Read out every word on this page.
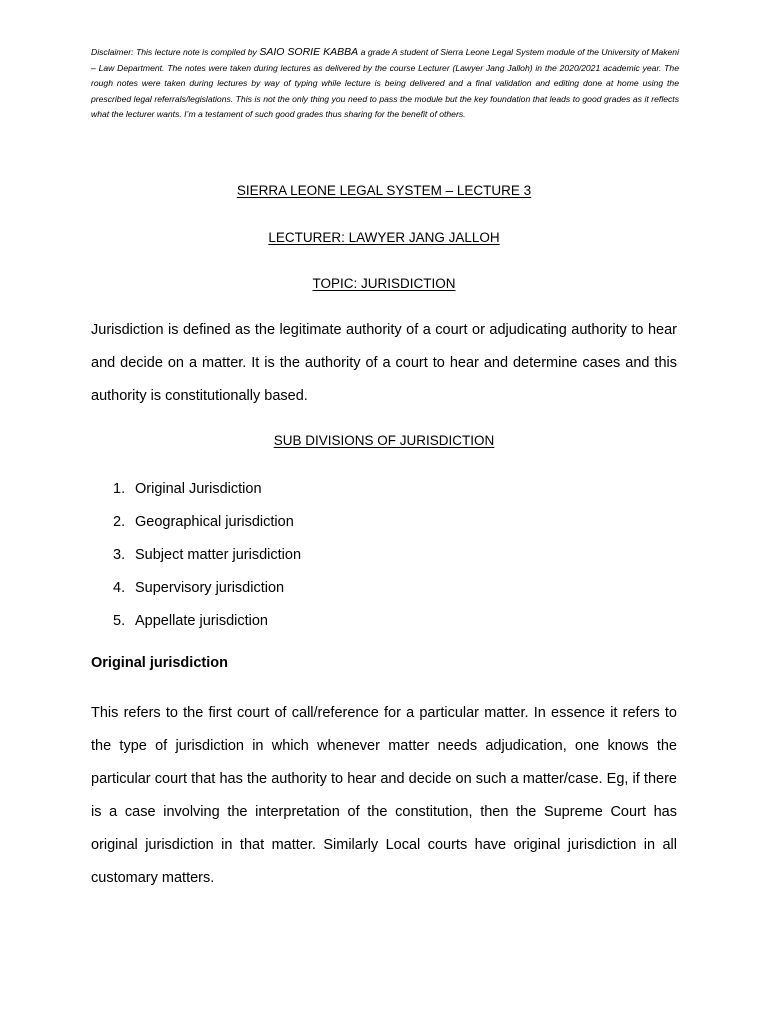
Disclaimer: This lecture note is compiled by SAIO SORIE KABBA a grade A student of Sierra Leone Legal System module of the University of Makeni – Law Department. The notes were taken during lectures as delivered by the course Lecturer (Lawyer Jang Jalloh) in the 2020/2021 academic year. The rough notes were taken during lectures by way of typing while lecture is being delivered and a final validation and editing done at home using the prescribed legal referrals/legislations. This is not the only thing you need to pass the module but the key foundation that leads to good grades as it reflects what the lecturer wants. I’m a testament of such good grades thus sharing for the benefit of others.
SIERRA LEONE LEGAL SYSTEM – LECTURE 3
LECTURER: LAWYER JANG JALLOH
TOPIC: JURISDICTION

Jurisdiction is defined as the legitimate authority of a court or adjudicating authority to hear and decide on a matter. It is the authority of a court to hear and determine cases and this authority is constitutionally based.

SUB DIVISIONS OF JURISDICTION
1. Original Jurisdiction
2. Geographical jurisdiction
3. Subject matter jurisdiction
4. Supervisory jurisdiction
5. Appellate jurisdiction
Original jurisdiction

This refers to the first court of call/reference for a particular matter. In essence it refers to the type of jurisdiction in which whenever matter needs adjudication, one knows the particular court that has the authority to hear and decide on such a matter/case. Eg, if there is a case involving the interpretation of the constitution, then the Supreme Court has original jurisdiction in that matter. Similarly Local courts have original jurisdiction in all customary matters.
